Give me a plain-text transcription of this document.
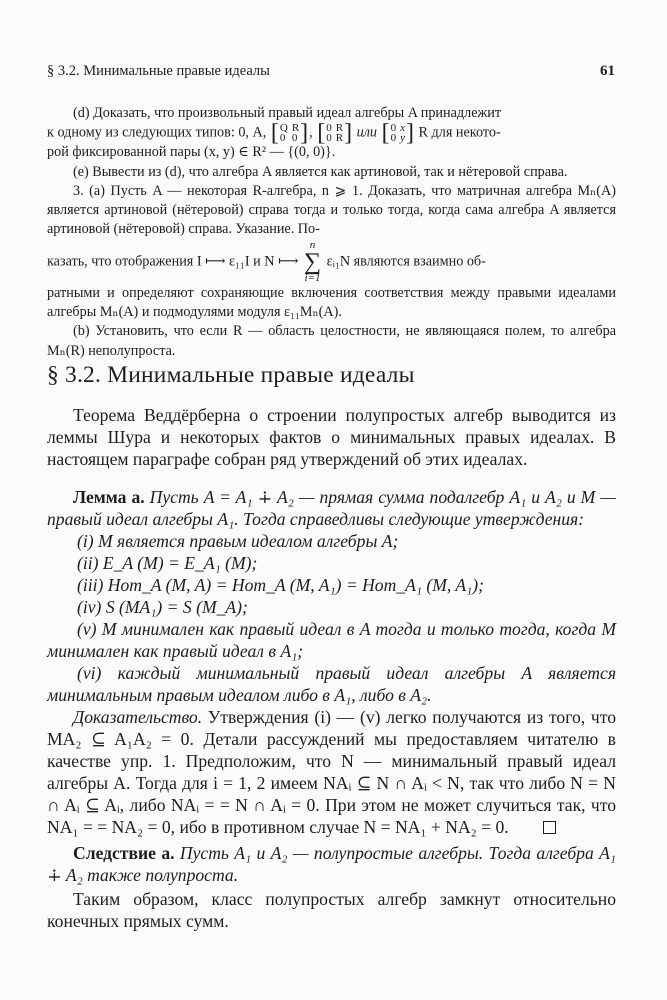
§ 3.2. Минимальные правые идеалы	61

(d) Доказать, что произвольный правый идеал алгебры A принадлежит

к одному из следующих типов: 0, A, [ Q R
0 0 ] , [ 0 R
0 R ] или [ 0 x
0 y ] R для некото-

рой фиксированной пары (x, y) ∈ R² — {(0, 0)}.

(e) Вывести из (d), что алгебра A является как артиновой, так и нётеровой справа.

3. (a) Пусть A — некоторая R-алгебра, n ⩾ 1. Доказать, что матричная алгебра Mₙ(A) является артиновой (нётеровой) справа тогда и только тогда, когда сама алгебра A является артиновой (нётеровой) справа. Указание. По-

казать, что отображения I ⟼ ε₁₁I и N ⟼
n
∑
i=1
εᵢ₁N являются взаимно об-

ратными и определяют сохраняющие включения соответствия между правыми идеалами алгебры Mₙ(A) и подмодулями модуля ε₁₁Mₙ(A).

(b) Установить, что если R — область целостности, не являющаяся полем, то алгебра Mₙ(R) неполупроста.

§ 3.2. Минимальные правые идеалы

Теорема Веддёрберна о строении полупростых алгебр выводится из леммы Шура и некоторых фактов о минимальных правых идеалах. В настоящем параграфе собран ряд утверждений об этих идеалах.

Лемма а. Пусть A = A₁ ∔ A₂ — прямая сумма подалгебр A₁ и A₂ и M — правый идеал алгебры A₁. Тогда справедливы следующие утверждения:

(i) M является правым идеалом алгебры A;
(ii) E_A (M) = E_A₁ (M);
(iii) Hom_A (M, A) = Hom_A (M, A₁) = Hom_A₁ (M, A₁);
(iv) S (MA₁) = S (M_A);

(v) M минимален как правый идеал в A тогда и только тогда, когда M минимален как правый идеал в A₁;

(vi) каждый минимальный правый идеал алгебры A является минимальным правым идеалом либо в A₁, либо в A₂.

Доказательство. Утверждения (i) — (v) легко получаются из того, что MA₂ ⊆ A₁A₂ = 0. Детали рассуждений мы предоставляем читателю в качестве упр. 1. Предположим, что N — минимальный правый идеал алгебры A. Тогда для i = 1, 2 имеем NAᵢ ⊆ N ∩ Aᵢ < N, так что либо N = N ∩ Aᵢ ⊆ Aᵢ, либо NAᵢ = = N ∩ Aᵢ = 0. При этом не может случиться так, что NA₁ = = NA₂ = 0, ибо в противном случае N = NA₁ + NA₂ = 0.

Следствие а. Пусть A₁ и A₂ — полупростые алгебры. Тогда алгебра A₁ ∔ A₂ также полупроста.

Таким образом, класс полупростых алгебр замкнут относительно конечных прямых сумм.
